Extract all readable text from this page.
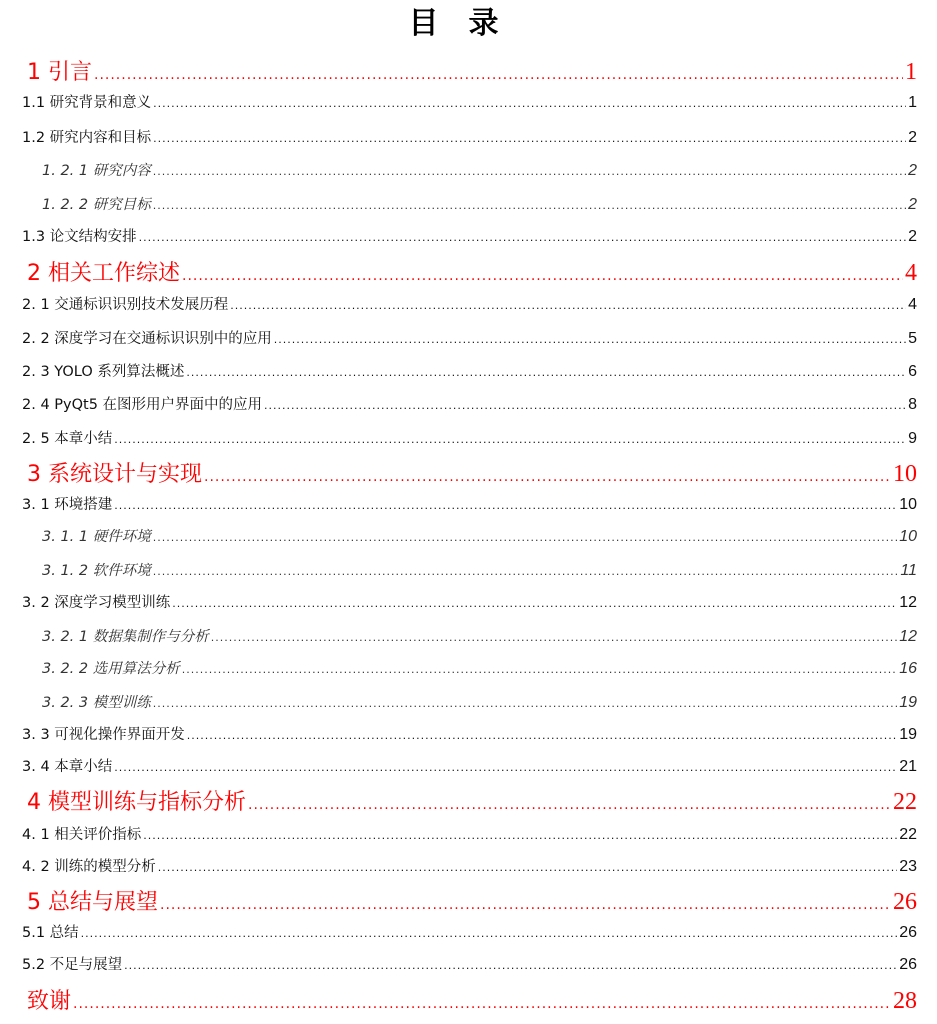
目录
1 引言 .....	1
1.1 研究背景和意义 .....	1
1.2 研究内容和目标 .....	2
1. 2. 1 研究内容 .....	2
1. 2. 2 研究目标 .....	2
1.3 论文结构安排 .....	2
2 相关工作综述 .....	4
2. 1 交通标识识别技术发展历程 .....	4
2. 2 深度学习在交通标识识别中的应用 .....	5
2. 3 YOLO 系列算法概述 .....	6
2. 4 PyQt5 在图形用户界面中的应用 .....	8
2. 5 本章小结 .....	9
3 系统设计与实现 .....	10
3. 1 环境搭建 .....	10
3. 1. 1 硬件环境 .....	10
3. 1. 2 软件环境 .....	11
3. 2 深度学习模型训练 .....	12
3. 2. 1 数据集制作与分析 .....	12
3. 2. 2 选用算法分析 .....	16
3. 2. 3 模型训练 .....	19
3. 3 可视化操作界面开发 .....	19
3. 4 本章小结 .....	21
4 模型训练与指标分析 .....	22
4. 1 相关评价指标 .....	22
4. 2 训练的模型分析 .....	23
5 总结与展望 .....	26
5.1 总结 .....	26
5.2 不足与展望 .....	26
致谢 .....	28
